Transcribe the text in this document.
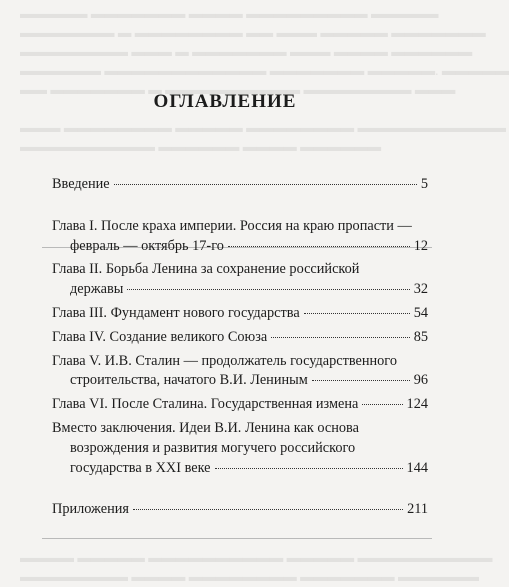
▬▬▬▬▬ ▬▬▬▬▬▬▬ ▬▬▬▬ ▬▬▬▬▬▬▬▬▬ ▬▬▬▬▬
▬▬▬▬▬▬▬ ▬ ▬▬▬▬▬▬▬▬ ▬▬ ▬▬▬ ▬▬▬▬▬ ▬▬▬▬▬▬▬
▬▬▬▬▬▬▬▬ ▬▬▬ ▬ ▬▬▬▬▬▬▬ ▬▬▬ ▬▬▬▬ ▬▬▬▬▬▬
▬▬▬▬▬▬ ▬▬▬▬▬▬▬▬▬▬▬▬ ▬▬▬▬▬▬▬ ▬▬▬▬▬. ▬▬▬▬▬
▬▬ ▬▬▬▬▬▬▬ ▬ ▬▬▬▬▬▬▬▬▬▬ ▬▬▬▬▬▬▬▬ ▬▬▬

▬▬▬ ▬▬▬▬▬▬▬▬ ▬▬▬▬▬ ▬▬▬▬▬▬▬▬ ▬▬▬▬▬▬▬▬▬▬▬
▬▬▬▬▬▬▬▬▬▬ ▬▬▬▬▬▬ ▬▬▬▬ ▬▬▬▬▬▬
ОГЛАВЛЕНИЕ
Введение	5
Глава I. После краха империи. Россия на краю пропасти —
февраль — октябрь 17-го	12
Глава II. Борьба Ленина за сохранение российской
державы	32
Глава III. Фундамент нового государства	54
Глава IV. Создание великого Союза	85
Глава V. И.В. Сталин — продолжатель государственного
строительства, начатого В.И. Лениным	96
Глава VI. После Сталина. Государственная измена	124
Вместо заключения. Идеи В.И. Ленина как основа
возрождения и развития могучего российского
государства в XXI веке	144
Приложения	211
▬▬▬▬ ▬▬▬▬▬ ▬▬▬▬▬▬▬▬▬▬ ▬▬▬▬▬ ▬▬▬▬▬▬▬▬▬▬
▬▬▬▬▬▬▬▬ ▬▬▬▬ ▬▬▬▬▬▬▬▬ ▬▬▬▬▬▬▬ ▬▬▬▬▬▬
